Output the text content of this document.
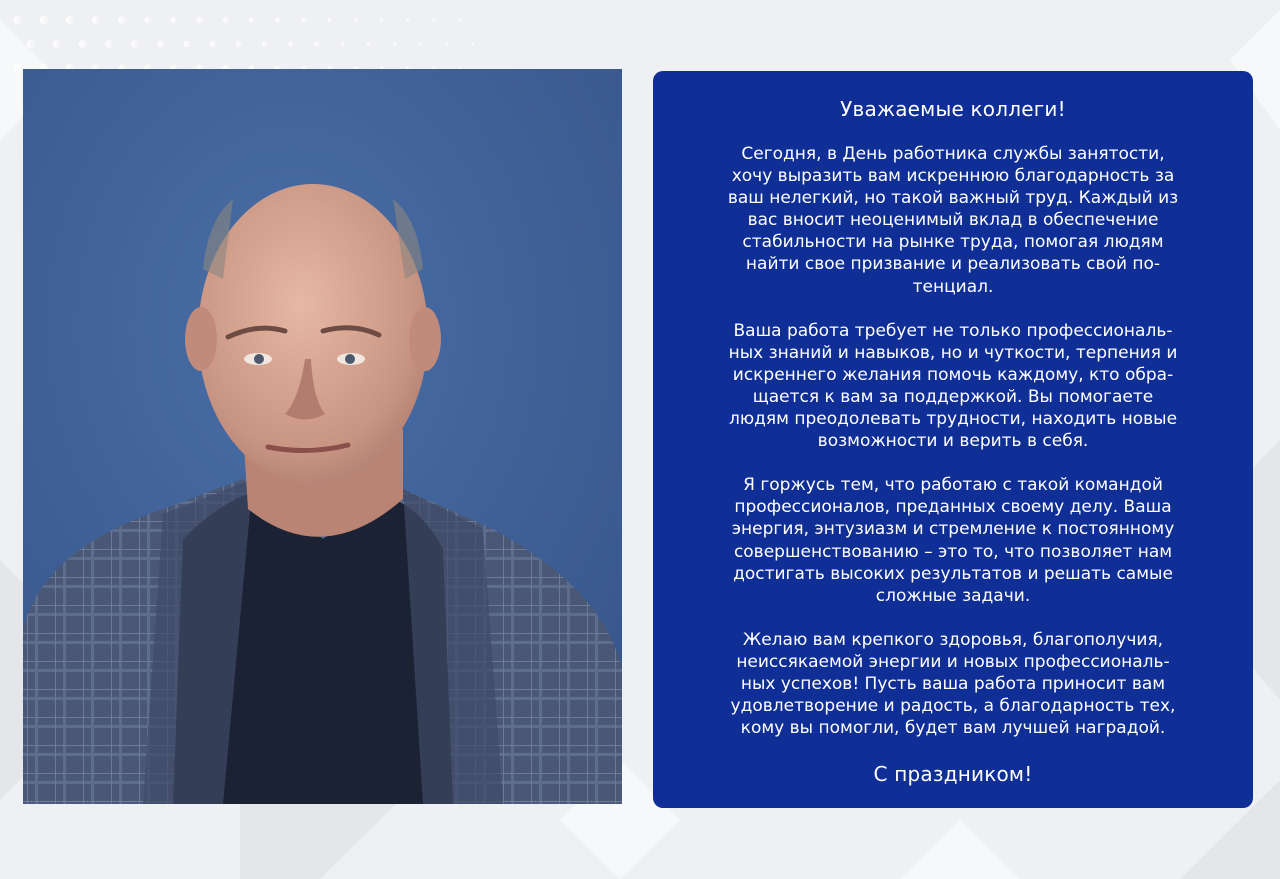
Уважаемые коллеги!
Сегодня, в День работника службы занятости,
хочу выразить вам искреннюю благодарность за
ваш нелегкий, но такой важный труд. Каждый из
вас вносит неоценимый вклад в обеспечение
стабильности на рынке труда, помогая людям
найти свое призвание и реализовать свой по-
тенциал.
Ваша работа требует не только профессиональ-
ных знаний и навыков, но и чуткости, терпения и
искреннего желания помочь каждому, кто обра-
щается к вам за поддержкой. Вы помогаете
людям преодолевать трудности, находить новые
возможности и верить в себя.
Я горжусь тем, что работаю с такой командой
профессионалов, преданных своему делу. Ваша
энергия, энтузиазм и стремление к постоянному
совершенствованию – это то, что позволяет нам
достигать высоких результатов и решать самые
сложные задачи.
Желаю вам крепкого здоровья, благополучия,
неиссякаемой энергии и новых профессиональ-
ных успехов! Пусть ваша работа приносит вам
удовлетворение и радость, а благодарность тех,
кому вы помогли, будет вам лучшей наградой.
С праздником!
